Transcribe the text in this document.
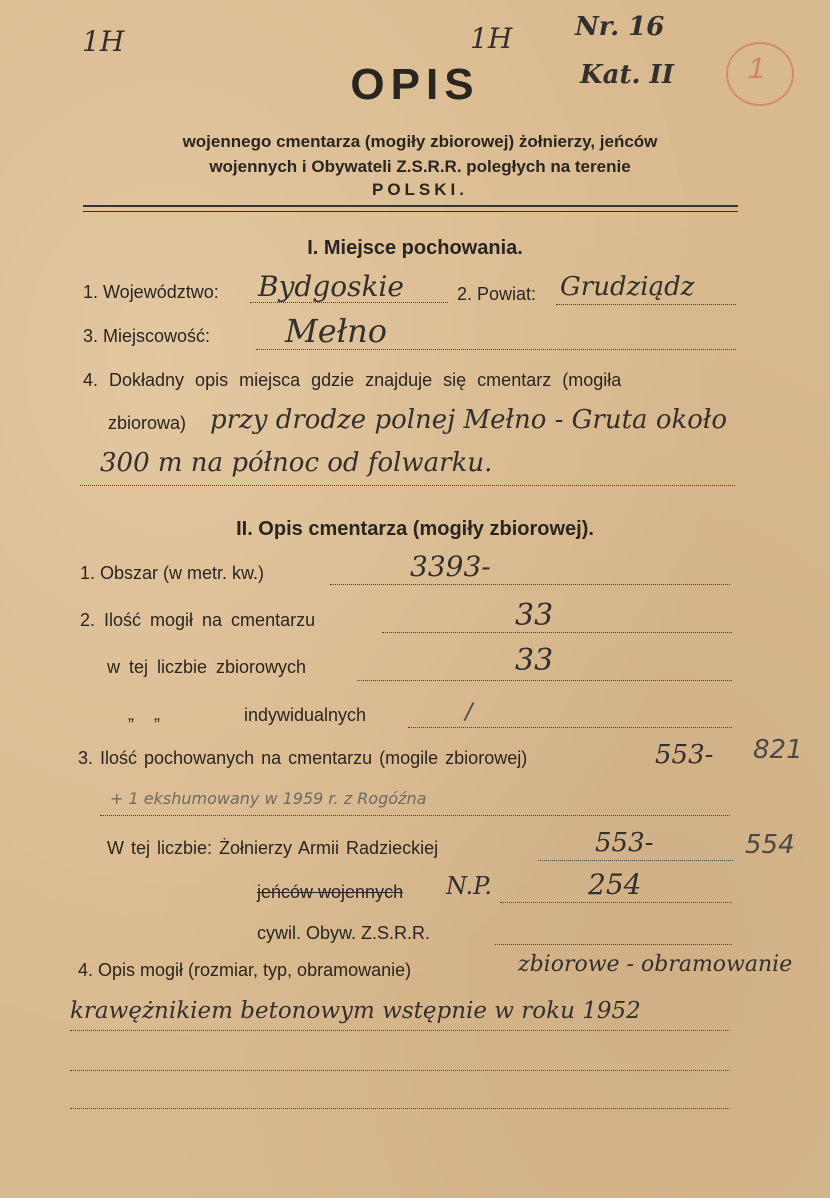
1H	1H Nr. 16
Kat. II 1
OPIS
wojennego cmentarza (mogiły zbiorowej) żołnierzy, jeńców
wojennych i Obywateli Z.S.R.R. poległych na terenie
POLSKI.
I. Miejsce pochowania.
1. Województwo: Bydgoskie	2. Powiat: Grudziądz
3. Miejscowość: Mełno
4. Dokładny opis miejsca gdzie znajduje się cmentarz (mogiła
zbiorowa) przy drodze polnej Mełno - Gruta około
300 m na północ od folwarku.
II. Opis cmentarza (mogiły zbiorowej).
1. Obszar (w metr. kw.)	3393-
2. Ilość mogił na cmentarzu	33
w tej liczbie zbiorowych	33
„    „	indywidualnych	/
3. Ilość pochowanych na cmentarzu (mogile zbiorowej)	553- 821
+ 1 ekshumowany w 1959 r. z Rogóźna
W tej liczbie: Żołnierzy Armii Radzieckiej	553-	554
jeńców wojennych N.P.	254
cywil. Obyw. Z.S.R.R.
4. Opis mogił (rozmiar, typ, obramowanie)	zbiorowe - obramowanie
krawężnikiem betonowym wstępnie w roku 1952
